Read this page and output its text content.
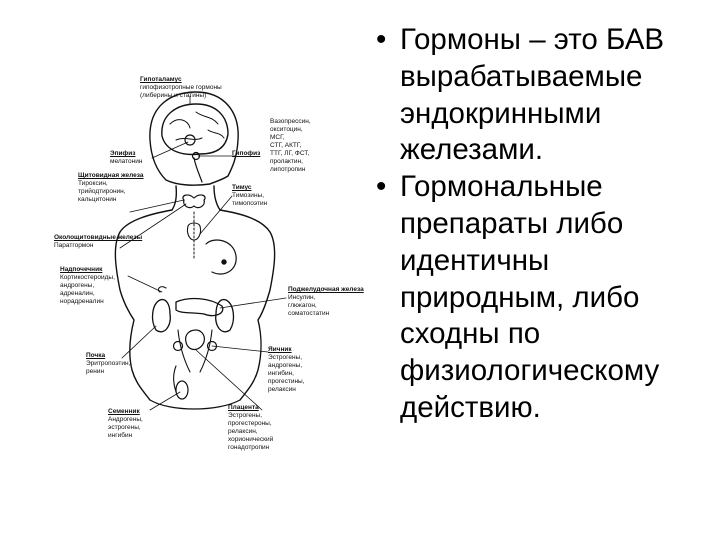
Гипоталамус
гипофизотропные гормоны
(либерины и статины)
Гипофиз
Вазопрессин,
окситоцин,
МСГ,
СТГ, АКТГ,
ТТГ, ЛГ, ФСТ,
пролактин,
липотропин
Эпифиз
мелатонин
Щитовидная железа
Тироксин,
трийодтиронин,
кальцитонин
Околощитовидные железы
Паратгормон
Тимус
Тимозины,
тимопоэтин
Надпочечник
Кортикостероиды,
андрогены,
адреналин,
норадреналин
Поджелудочная железа
Инсулин,
глюкагон,
соматостатин
Почка
Эритропоэтин,
ренин
Яичник
Эстрогены,
андрогены,
ингибин,
прогестины,
релаксин
Плацента
Эстрогены,
прогестероны,
релаксин,
хорионический
гонадотропин
Семенник
Андрогены,
эстрогены,
ингибин
• Гормоны – это БАВ вырабатываемые эндокринными железами.
• Гормональные препараты либо идентичны природным, либо сходны по физиологическому действию.
